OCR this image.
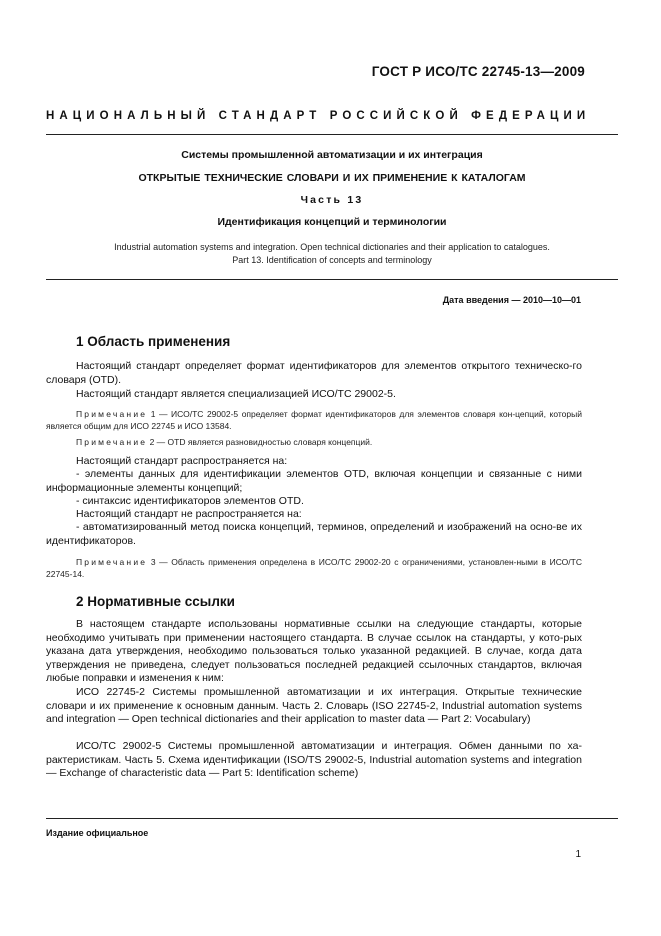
ГОСТ Р ИСО/ТС 22745-13—2009
НАЦИОНАЛЬНЫЙ СТАНДАРТ РОССИЙСКОЙ ФЕДЕРАЦИИ
Системы промышленной автоматизации и их интеграция
ОТКРЫТЫЕ ТЕХНИЧЕСКИЕ СЛОВАРИ И ИХ ПРИМЕНЕНИЕ К КАТАЛОГАМ
Часть 13
Идентификация концепций и терминологии
Industrial automation systems and integration. Open technical dictionaries and their application to catalogues.
Part 13. Identification of concepts and terminology
Дата введения — 2010—10—01
1 Область применения
Настоящий стандарт определяет формат идентификаторов для элементов открытого техническо-го словаря (OTD).
Настоящий стандарт является специализацией ИСО/ТС 29002-5.
Примечание 1 — ИСО/ТС 29002-5 определяет формат идентификаторов для элементов словаря кон-цепций, который является общим для ИСО 22745 и ИСО 13584.
Примечание 2 — OTD является разновидностью словаря концепций.
Настоящий стандарт распространяется на:
- элементы данных для идентификации элементов OTD, включая концепции и связанные с ними информационные элементы концепций;
- синтаксис идентификаторов элементов OTD.
Настоящий стандарт не распространяется на:
- автоматизированный метод поиска концепций, терминов, определений и изображений на осно-ве их идентификаторов.
Примечание 3 — Область применения определена в ИСО/ТС 29002-20 с ограничениями, установлен-ными в ИСО/ТС 22745-14.
2 Нормативные ссылки
В настоящем стандарте использованы нормативные ссылки на следующие стандарты, которые необходимо учитывать при применении настоящего стандарта. В случае ссылок на стандарты, у кото-рых указана дата утверждения, необходимо пользоваться только указанной редакцией. В случае, когда дата утверждения не приведена, следует пользоваться последней редакцией ссылочных стандартов, включая любые поправки и изменения к ним:
ИСО 22745-2 Системы промышленной автоматизации и их интеграция. Открытые технические словари и их применение к основным данным. Часть 2. Словарь (ISO 22745-2, Industrial automation systems and integration — Open technical dictionaries and their application to master data — Part 2: Vocabulary)
ИСО/ТС 29002-5 Системы промышленной автоматизации и интеграция. Обмен данными по ха-рактеристикам. Часть 5. Схема идентификации (ISO/TS 29002-5, Industrial automation systems and integration — Exchange of characteristic data — Part 5: Identification scheme)
Издание официальное
1
